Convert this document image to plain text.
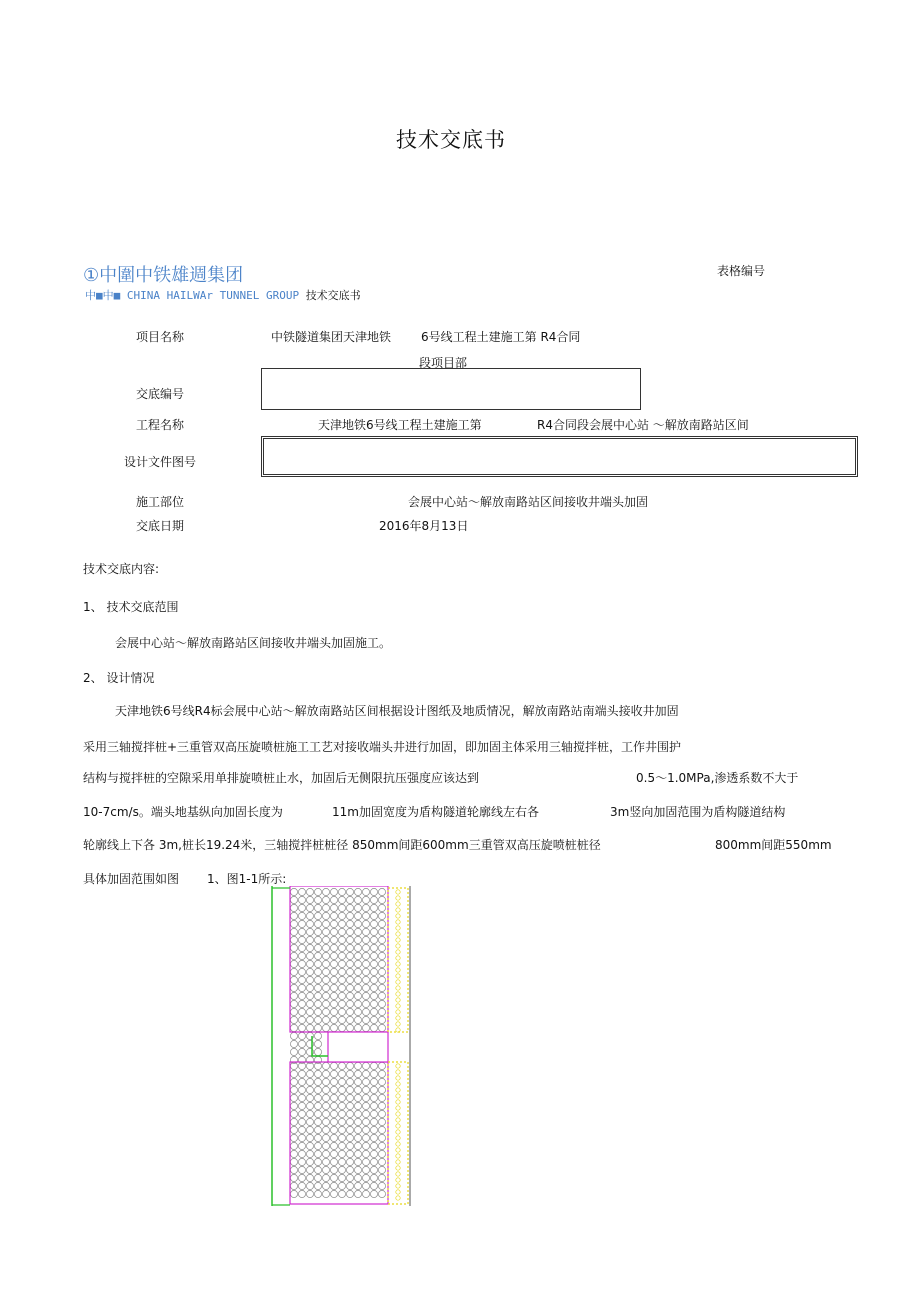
技术交底书
①中圍中铁雄週集团
中■中■ CHINA HAILWAr TUNNEL GROUP 技术交底书
表格编号
项目名称	中铁隧道集团天津地铁 6号线工程土建施工第 R4合同
段项目部
交底编号
工程名称	天津地铁6号线工程土建施工第	R4合同段会展中心站 〜解放南路站区间
设计文件图号
施工部位	会展中心站〜解放南路站区间接收井端头加固
交底日期	2016年8月13日
技术交底内容:
1、 技术交底范围
会展中心站〜解放南路站区间接收井端头加固施工。
2、 设计情况
天津地铁6号线R4标会展中心站〜解放南路站区间根据设计图纸及地质情况，解放南路站南端头接收井加固
采用三轴搅拌桩+三重管双高压旋喷桩施工工艺对接收端头井进行加固，即加固主体采用三轴搅拌桩，工作井围护
结构与搅拌桩的空隙采用单排旋喷桩止水，加固后无侧限抗压强度应该达到	0.5〜1.0MPa,渗透系数不大于
10-7cm/s。端头地基纵向加固长度为	11m加固宽度为盾构隧道轮廓线左右各	3m竖向加固范围为盾构隧道结构
轮廓线上下各 3m,桩长19.24米，三轴搅拌桩桩径 850mm间距600mm三重管双高压旋喷桩桩径	800mm间距550mm
具体加固范围如图 1、图1-1所示:
